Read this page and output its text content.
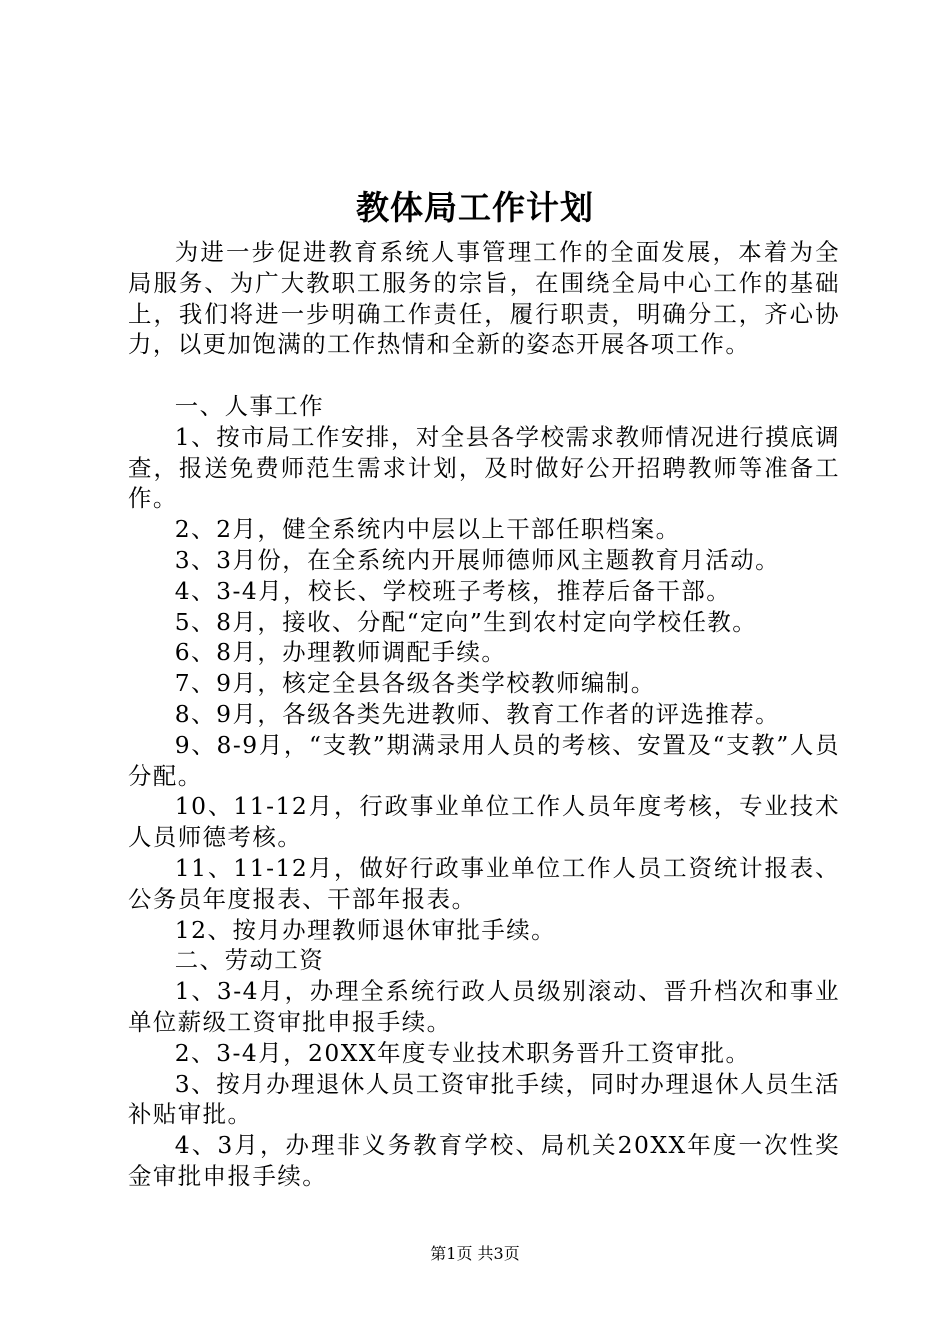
教体局工作计划

为进一步促进教育系统人事管理工作的全面发展，本着为全局服务、为广大教职工服务的宗旨，在围绕全局中心工作的基础上，我们将进一步明确工作责任，履行职责，明确分工，齐心协力，以更加饱满的工作热情和全新的姿态开展各项工作。

一、人事工作

1、按市局工作安排，对全县各学校需求教师情况进行摸底调查，报送免费师范生需求计划，及时做好公开招聘教师等准备工作。

2、2月，健全系统内中层以上干部任职档案。

3、3月份，在全系统内开展师德师风主题教育月活动。

4、3-4月，校长、学校班子考核，推荐后备干部。

5、8月，接收、分配“定向”生到农村定向学校任教。

6、8月，办理教师调配手续。

7、9月，核定全县各级各类学校教师编制。

8、9月，各级各类先进教师、教育工作者的评选推荐。

9、8-9月，“支教”期满录用人员的考核、安置及“支教”人员分配。

10、11-12月，行政事业单位工作人员年度考核，专业技术人员师德考核。

11、11-12月，做好行政事业单位工作人员工资统计报表、公务员年度报表、干部年报表。

12、按月办理教师退休审批手续。

二、劳动工资

1、3-4月，办理全系统行政人员级别滚动、晋升档次和事业单位薪级工资审批申报手续。

2、3-4月，20XX年度专业技术职务晋升工资审批。

3、按月办理退休人员工资审批手续，同时办理退休人员生活补贴审批。

4、3月，办理非义务教育学校、局机关20XX年度一次性奖金审批申报手续。

第1页 共3页
